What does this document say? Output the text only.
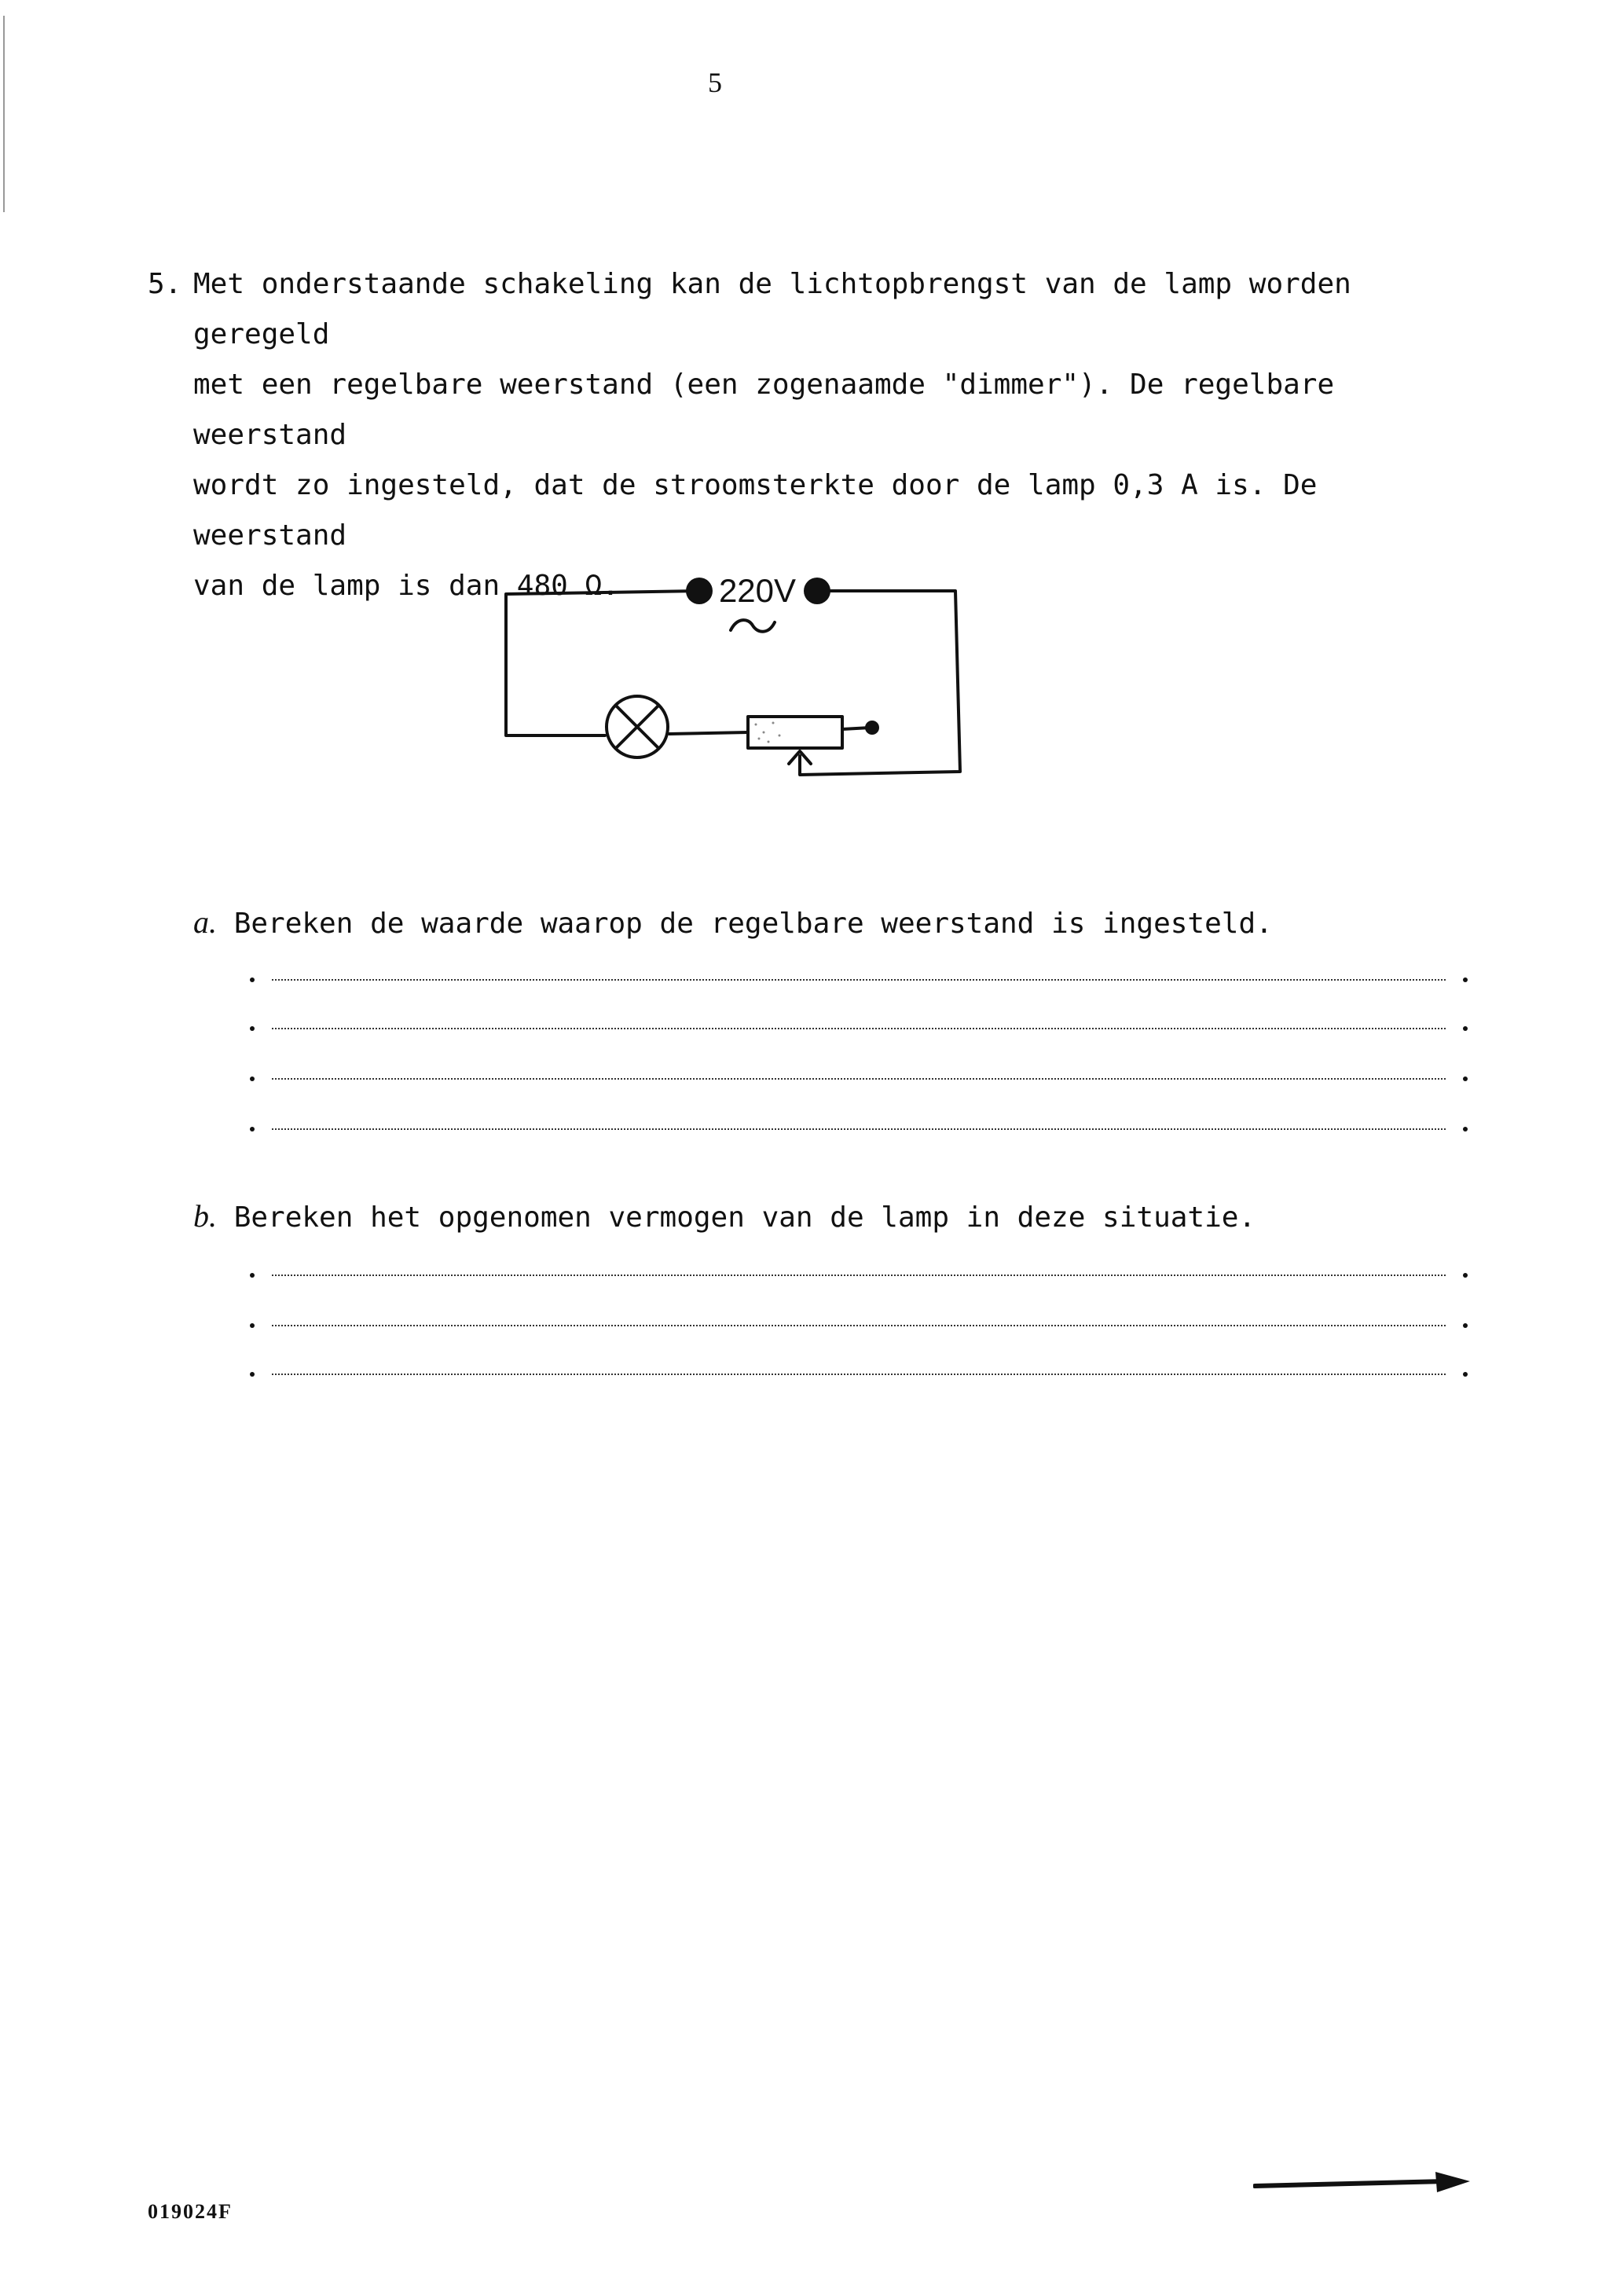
5
5. Met onderstaande schakeling kan de lichtopbrengst van de lamp worden geregeld
met een regelbare weerstand (een zogenaamde "dimmer"). De regelbare weerstand
wordt zo ingesteld, dat de stroomsterkte door de lamp 0,3 A is. De weerstand
van de lamp is dan 480 Ω.	220V
a. Bereken de waarde waarop de regelbare weerstand is ingesteld.
b. Bereken het opgenomen vermogen van de lamp in deze situatie.
019024F
